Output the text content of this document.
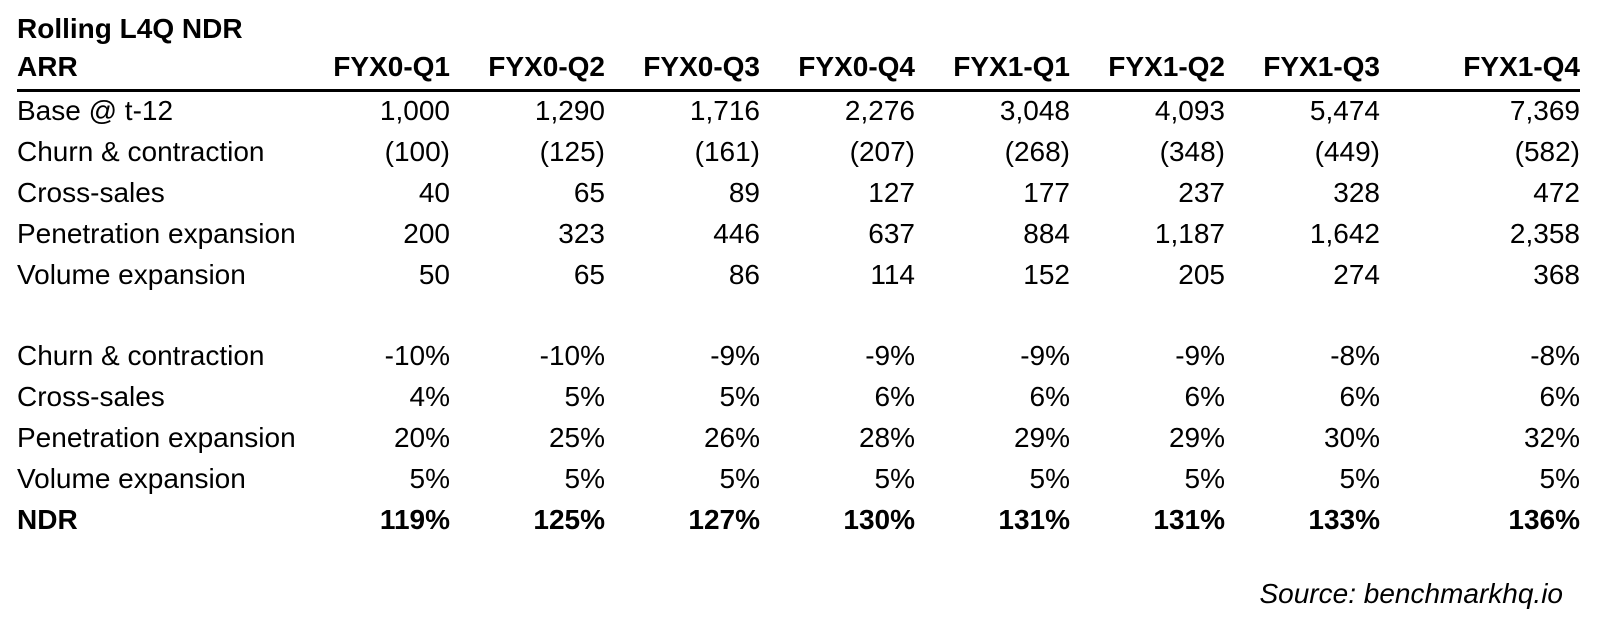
Rolling L4Q NDR
ARR	FYX0-Q1	FYX0-Q2	FYX0-Q3	FYX0-Q4	FYX1-Q1	FYX1-Q2	FYX1-Q3	FYX1-Q4
Base @ t-12	1,000	1,290	1,716	2,276	3,048	4,093	5,474	7,369
Churn & contraction	(100)	(125)	(161)	(207)	(268)	(348)	(449)	(582)
Cross-sales	40	65	89	127	177	237	328	472
Penetration expansion	200	323	446	637	884	1,187	1,642	2,358
Volume expansion	50	65	86	114	152	205	274	368

Churn & contraction	-10%	-10%	-9%	-9%	-9%	-9%	-8%	-8%
Cross-sales	4%	5%	5%	6%	6%	6%	6%	6%
Penetration expansion	20%	25%	26%	28%	29%	29%	30%	32%
Volume expansion	5%	5%	5%	5%	5%	5%	5%	5%
NDR	119%	125%	127%	130%	131%	131%	133%	136%
Source: benchmarkhq.io
